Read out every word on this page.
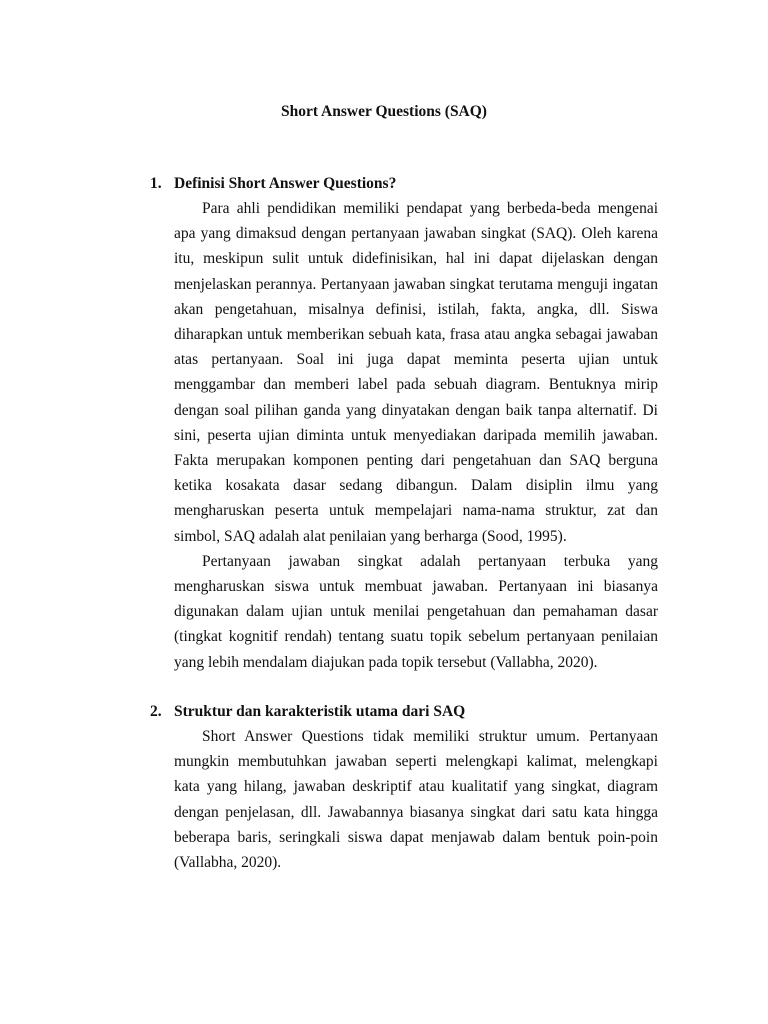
Short Answer Questions (SAQ)
1. Definisi Short Answer Questions?

Para ahli pendidikan memiliki pendapat yang berbeda-beda mengenai apa yang dimaksud dengan pertanyaan jawaban singkat (SAQ). Oleh karena itu, meskipun sulit untuk didefinisikan, hal ini dapat dijelaskan dengan menjelaskan perannya. Pertanyaan jawaban singkat terutama menguji ingatan akan pengetahuan, misalnya definisi, istilah, fakta, angka, dll. Siswa diharapkan untuk memberikan sebuah kata, frasa atau angka sebagai jawaban atas pertanyaan. Soal ini juga dapat meminta peserta ujian untuk menggambar dan memberi label pada sebuah diagram. Bentuknya mirip dengan soal pilihan ganda yang dinyatakan dengan baik tanpa alternatif. Di sini, peserta ujian diminta untuk menyediakan daripada memilih jawaban. Fakta merupakan komponen penting dari pengetahuan dan SAQ berguna ketika kosakata dasar sedang dibangun. Dalam disiplin ilmu yang mengharuskan peserta untuk mempelajari nama-nama struktur, zat dan simbol, SAQ adalah alat penilaian yang berharga (Sood, 1995).

Pertanyaan jawaban singkat adalah pertanyaan terbuka yang mengharuskan siswa untuk membuat jawaban. Pertanyaan ini biasanya digunakan dalam ujian untuk menilai pengetahuan dan pemahaman dasar (tingkat kognitif rendah) tentang suatu topik sebelum pertanyaan penilaian yang lebih mendalam diajukan pada topik tersebut (Vallabha, 2020).

2. Struktur dan karakteristik utama dari SAQ

Short Answer Questions tidak memiliki struktur umum. Pertanyaan mungkin membutuhkan jawaban seperti melengkapi kalimat, melengkapi kata yang hilang, jawaban deskriptif atau kualitatif yang singkat, diagram dengan penjelasan, dll. Jawabannya biasanya singkat dari satu kata hingga beberapa baris, seringkali siswa dapat menjawab dalam bentuk poin-poin (Vallabha, 2020).
